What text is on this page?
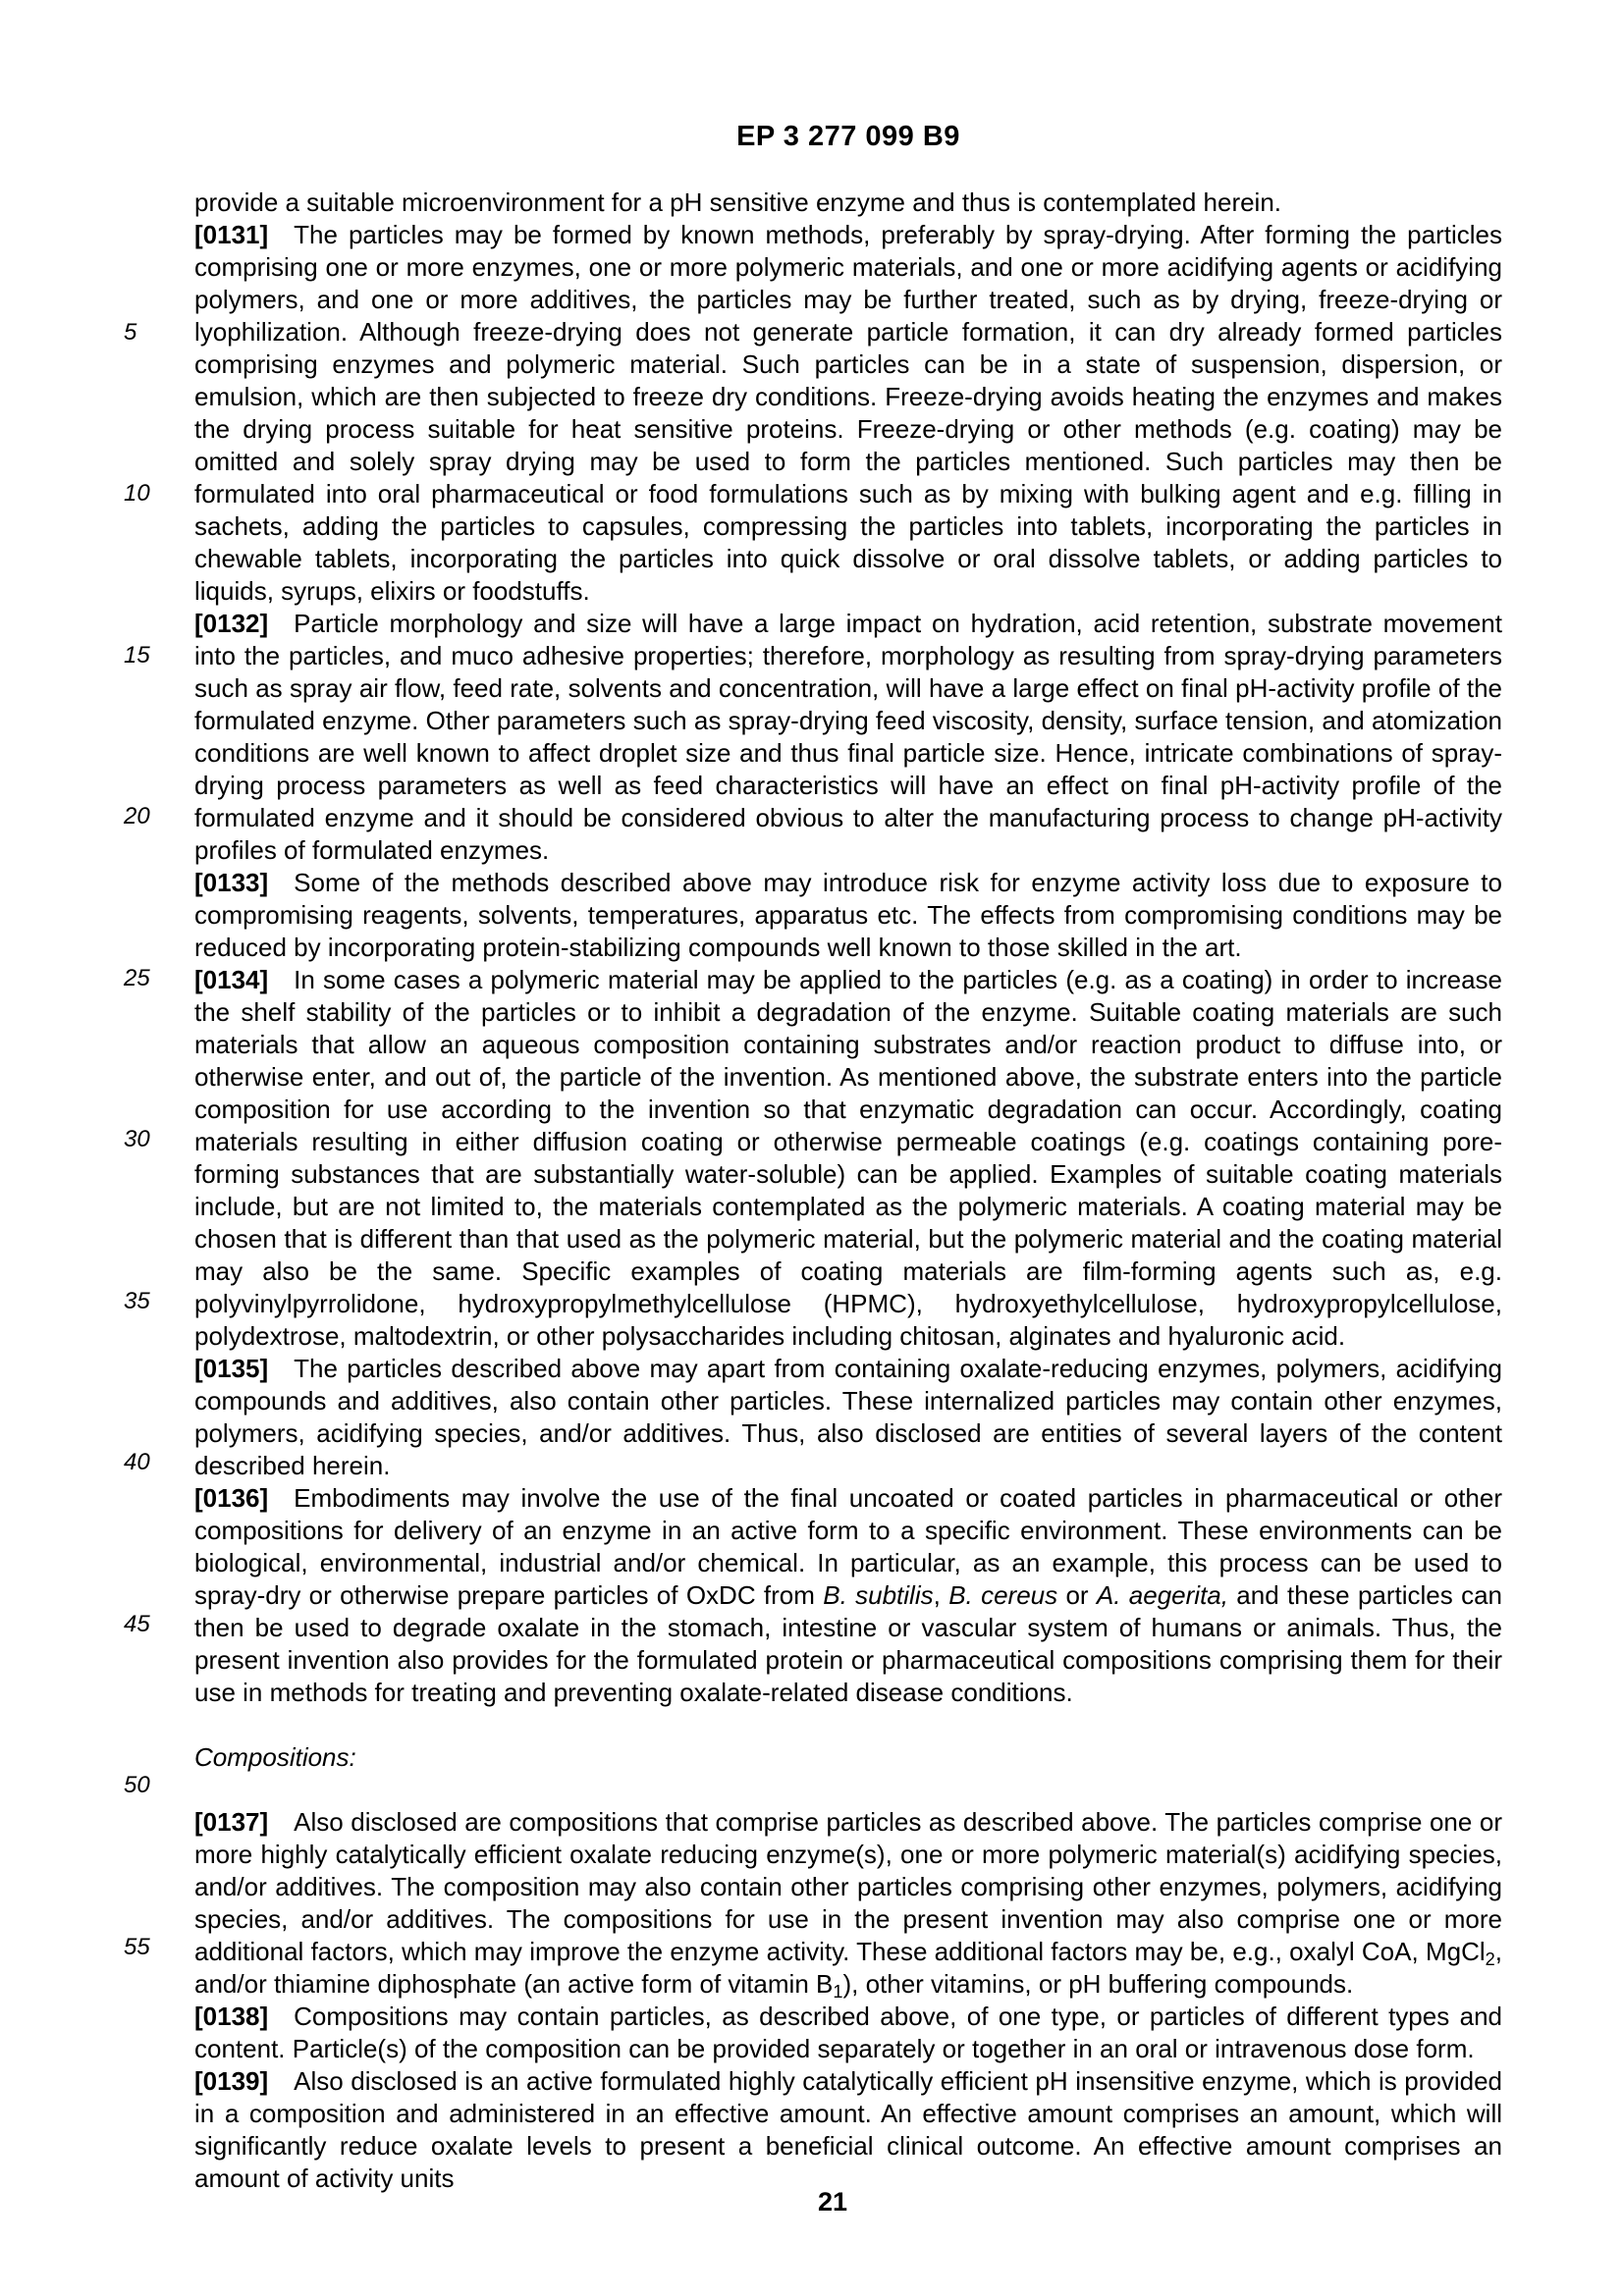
EP 3 277 099 B9
5
10
15
20
25
30
35
40
45
50
55

provide a suitable microenvironment for a pH sensitive enzyme and thus is contemplated herein.

[0131] The particles may be formed by known methods, preferably by spray-drying. After forming the particles comprising one or more enzymes, one or more polymeric materials, and one or more acidifying agents or acidifying polymers, and one or more additives, the particles may be further treated, such as by drying, freeze-drying or lyophilization. Although freeze-drying does not generate particle formation, it can dry already formed particles comprising enzymes and polymeric material. Such particles can be in a state of suspension, dispersion, or emulsion, which are then subjected to freeze dry conditions. Freeze-drying avoids heating the enzymes and makes the drying process suitable for heat sensitive proteins. Freeze-drying or other methods (e.g. coating) may be omitted and solely spray drying may be used to form the particles mentioned. Such particles may then be formulated into oral pharmaceutical or food formulations such as by mixing with bulking agent and e.g. filling in sachets, adding the particles to capsules, compressing the particles into tablets, incorporating the particles in chewable tablets, incorporating the particles into quick dissolve or oral dissolve tablets, or adding particles to liquids, syrups, elixirs or foodstuffs.

[0132] Particle morphology and size will have a large impact on hydration, acid retention, substrate movement into the particles, and muco adhesive properties; therefore, morphology as resulting from spray-drying parameters such as spray air flow, feed rate, solvents and concentration, will have a large effect on final pH-activity profile of the formulated enzyme. Other parameters such as spray-drying feed viscosity, density, surface tension, and atomization conditions are well known to affect droplet size and thus final particle size. Hence, intricate combinations of spray-drying process parameters as well as feed characteristics will have an effect on final pH-activity profile of the formulated enzyme and it should be considered obvious to alter the manufacturing process to change pH-activity profiles of formulated enzymes.

[0133] Some of the methods described above may introduce risk for enzyme activity loss due to exposure to compromising reagents, solvents, temperatures, apparatus etc. The effects from compromising conditions may be reduced by incorporating protein-stabilizing compounds well known to those skilled in the art.

[0134] In some cases a polymeric material may be applied to the particles (e.g. as a coating) in order to increase the shelf stability of the particles or to inhibit a degradation of the enzyme. Suitable coating materials are such materials that allow an aqueous composition containing substrates and/or reaction product to diffuse into, or otherwise enter, and out of, the particle of the invention. As mentioned above, the substrate enters into the particle composition for use according to the invention so that enzymatic degradation can occur. Accordingly, coating materials resulting in either diffusion coating or otherwise permeable coatings (e.g. coatings containing pore-forming substances that are substantially water-soluble) can be applied. Examples of suitable coating materials include, but are not limited to, the materials contemplated as the polymeric materials. A coating material may be chosen that is different than that used as the polymeric material, but the polymeric material and the coating material may also be the same. Specific examples of coating materials are film-forming agents such as, e.g. polyvinylpyrrolidone, hydroxypropylmethylcellulose (HPMC), hydroxyethylcellulose, hydroxypropylcellulose, polydextrose, maltodextrin, or other polysaccharides including chitosan, alginates and hyaluronic acid.

[0135] The particles described above may apart from containing oxalate-reducing enzymes, polymers, acidifying compounds and additives, also contain other particles. These internalized particles may contain other enzymes, polymers, acidifying species, and/or additives. Thus, also disclosed are entities of several layers of the content described herein.

[0136] Embodiments may involve the use of the final uncoated or coated particles in pharmaceutical or other compositions for delivery of an enzyme in an active form to a specific environment. These environments can be biological, environmental, industrial and/or chemical. In particular, as an example, this process can be used to spray-dry or otherwise prepare particles of OxDC from B. subtilis, B. cereus or A. aegerita, and these particles can then be used to degrade oxalate in the stomach, intestine or vascular system of humans or animals. Thus, the present invention also provides for the formulated protein or pharmaceutical compositions comprising them for their use in methods for treating and preventing oxalate-related disease conditions.

Compositions:

[0137] Also disclosed are compositions that comprise particles as described above. The particles comprise one or more highly catalytically efficient oxalate reducing enzyme(s), one or more polymeric material(s) acidifying species, and/or additives. The composition may also contain other particles comprising other enzymes, polymers, acidifying species, and/or additives. The compositions for use in the present invention may also comprise one or more additional factors, which may improve the enzyme activity. These additional factors may be, e.g., oxalyl CoA, MgCl$_2$, and/or thiamine diphosphate (an active form of vitamin $B_1$), other vitamins, or pH buffering compounds.

[0138] Compositions may contain particles, as described above, of one type, or particles of different types and content. Particle(s) of the composition can be provided separately or together in an oral or intravenous dose form.

[0139] Also disclosed is an active formulated highly catalytically efficient pH insensitive enzyme, which is provided in a composition and administered in an effective amount. An effective amount comprises an amount, which will significantly reduce oxalate levels to present a beneficial clinical outcome. An effective amount comprises an amount of activity units

21
